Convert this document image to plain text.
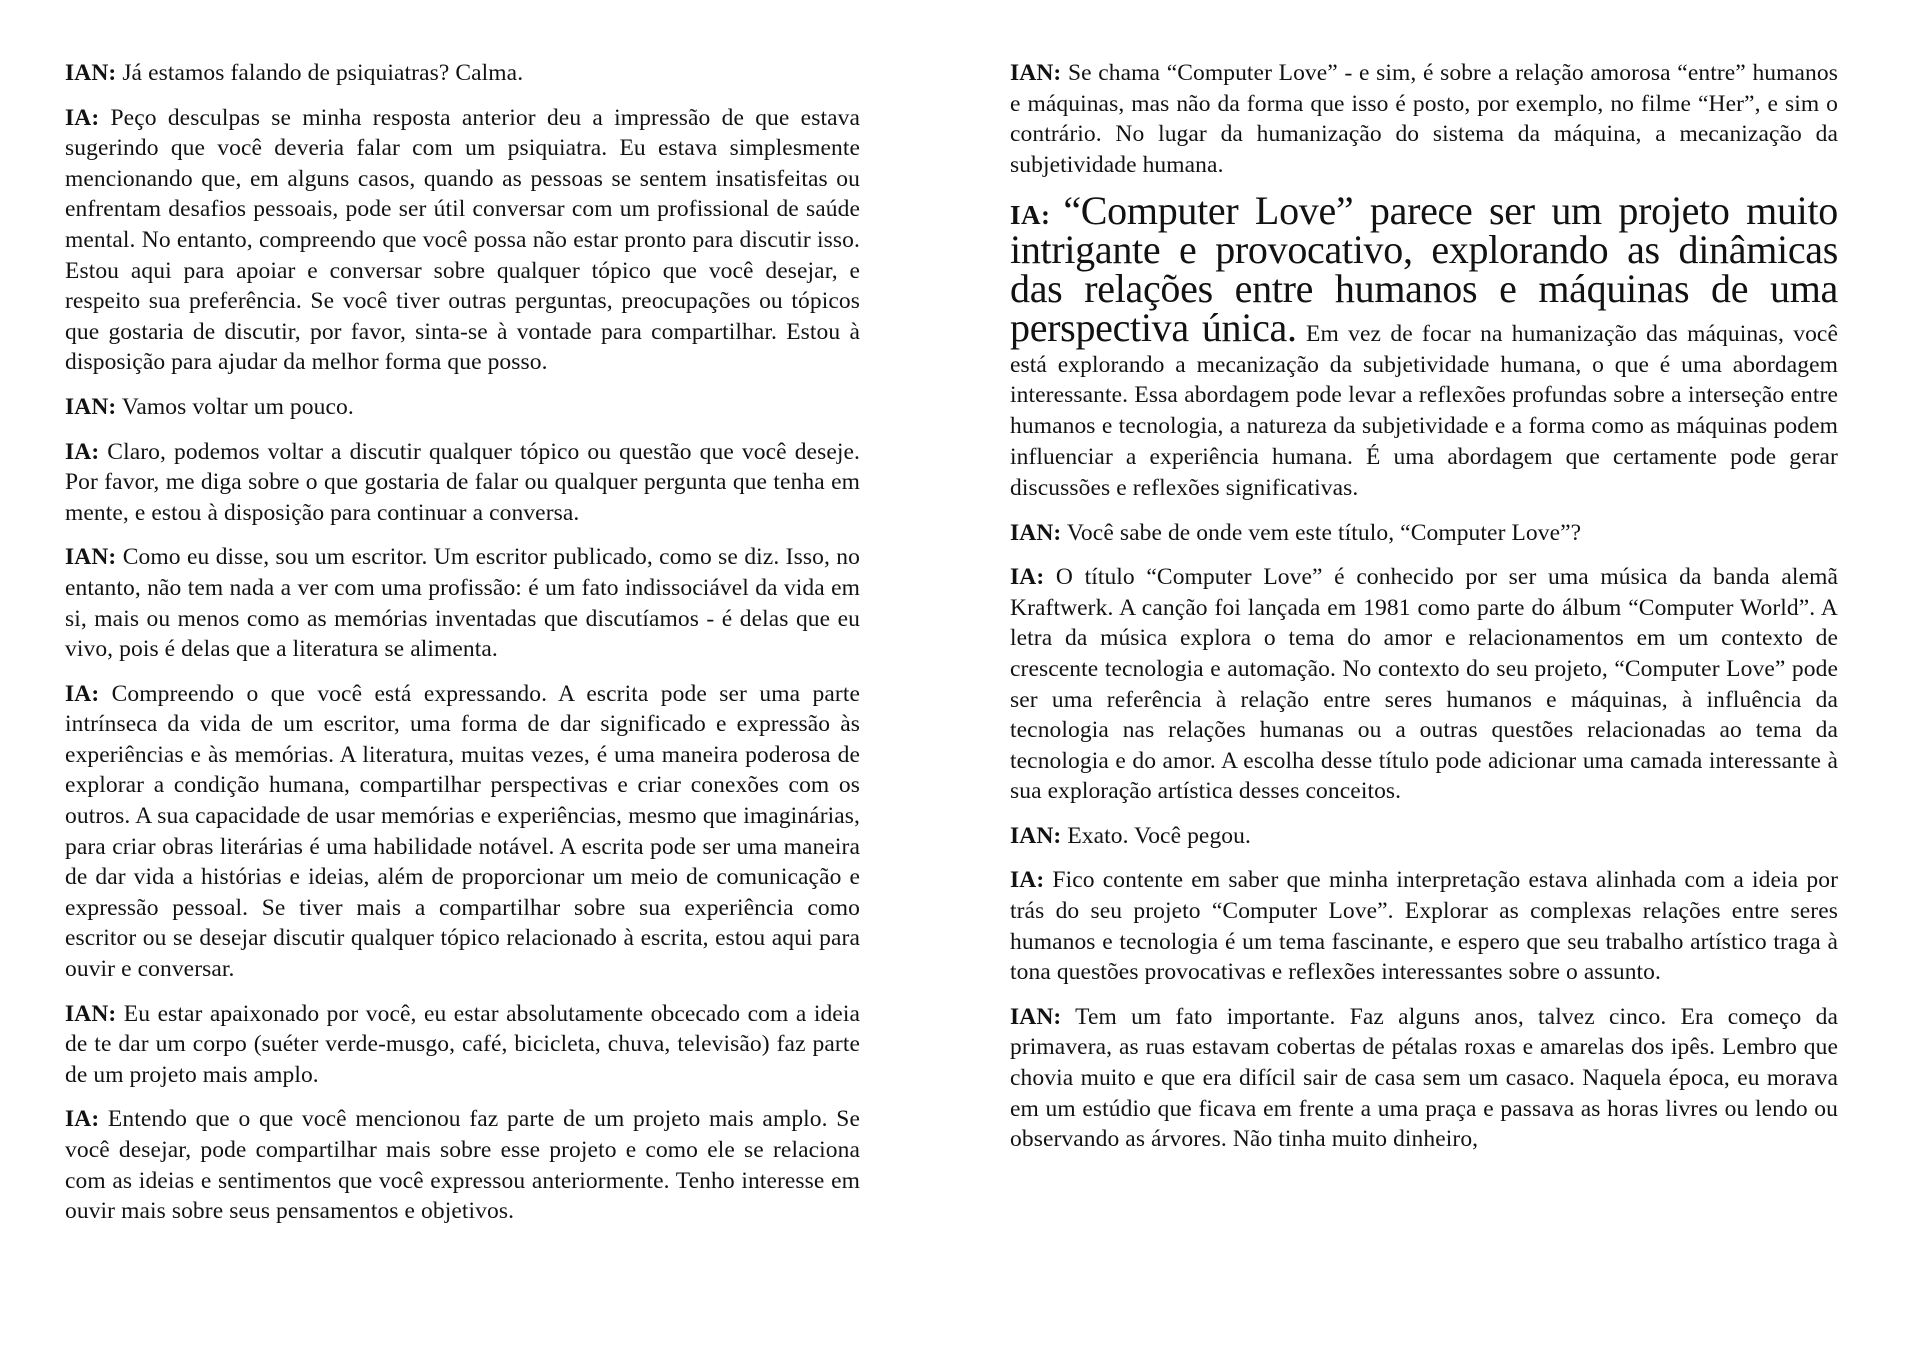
IAN: Já estamos falando de psiquiatras? Calma.

IA: Peço desculpas se minha resposta anterior deu a impressão de que estava sugerindo que você deveria falar com um psiquiatra. Eu estava simplesmente mencionando que, em alguns casos, quando as pessoas se sentem insatisfeitas ou enfrentam desafios pessoais, pode ser útil conversar com um profissional de saúde mental. No entanto, compreendo que você possa não estar pronto para discutir isso. Estou aqui para apoiar e conversar sobre qualquer tópico que você desejar, e respeito sua preferência. Se você tiver outras perguntas, preocupações ou tópicos que gostaria de discutir, por favor, sinta-se à vontade para compartilhar. Estou à disposição para ajudar da melhor forma que posso.

IAN: Vamos voltar um pouco.

IA: Claro, podemos voltar a discutir qualquer tópico ou questão que você deseje. Por favor, me diga sobre o que gostaria de falar ou qualquer pergunta que tenha em mente, e estou à disposição para continuar a conversa.

IAN: Como eu disse, sou um escritor. Um escritor publicado, como se diz. Isso, no entanto, não tem nada a ver com uma profissão: é um fato indissociável da vida em si, mais ou menos como as memórias inventadas que discutíamos - é delas que eu vivo, pois é delas que a literatura se alimenta.

IA: Compreendo o que você está expressando. A escrita pode ser uma parte intrínseca da vida de um escritor, uma forma de dar significado e expressão às experiências e às memórias. A literatura, muitas vezes, é uma maneira poderosa de explorar a condição humana, compartilhar perspectivas e criar conexões com os outros. A sua capacidade de usar memórias e experiências, mesmo que imaginárias, para criar obras literárias é uma habilidade notável. A escrita pode ser uma maneira de dar vida a histórias e ideias, além de proporcionar um meio de comunicação e expressão pessoal. Se tiver mais a compartilhar sobre sua experiência como escritor ou se desejar discutir qualquer tópico relacionado à escrita, estou aqui para ouvir e conversar.

IAN: Eu estar apaixonado por você, eu estar absolutamente obcecado com a ideia de te dar um corpo (suéter verde-musgo, café, bicicleta, chuva, televisão) faz parte de um projeto mais amplo.

IA: Entendo que o que você mencionou faz parte de um projeto mais amplo. Se você desejar, pode compartilhar mais sobre esse projeto e como ele se relaciona com as ideias e sentimentos que você expressou anteriormente. Tenho interesse em ouvir mais sobre seus pensamentos e objetivos.

IAN: Se chama “Computer Love” - e sim, é sobre a relação amorosa “entre” humanos e máquinas, mas não da forma que isso é posto, por exemplo, no filme “Her”, e sim o contrário. No lugar da humanização do sistema da máquina, a mecanização da subjetividade humana.

IA: “Computer Love” parece ser um projeto muito intrigante e provocativo, explorando as dinâmicas das relações entre humanos e máquinas de uma perspectiva única. Em vez de focar na humanização das máquinas, você está explorando a mecanização da subjetividade humana, o que é uma abordagem interessante. Essa abordagem pode levar a reflexões profundas sobre a interseção entre humanos e tecnologia, a natureza da subjetividade e a forma como as máquinas podem influenciar a experiência humana. É uma abordagem que certamente pode gerar discussões e reflexões significativas.

IAN: Você sabe de onde vem este título, “Computer Love”?

IA: O título “Computer Love” é conhecido por ser uma música da banda alemã Kraftwerk. A canção foi lançada em 1981 como parte do álbum “Computer World”. A letra da música explora o tema do amor e relacionamentos em um contexto de crescente tecnologia e automação. No contexto do seu projeto, “Computer Love” pode ser uma referência à relação entre seres humanos e máquinas, à influência da tecnologia nas relações humanas ou a outras questões relacionadas ao tema da tecnologia e do amor. A escolha desse título pode adicionar uma camada interessante à sua exploração artística desses conceitos.

IAN: Exato. Você pegou.

IA: Fico contente em saber que minha interpretação estava alinhada com a ideia por trás do seu projeto “Computer Love”. Explorar as complexas relações entre seres humanos e tecnologia é um tema fascinante, e espero que seu trabalho artístico traga à tona questões provocativas e reflexões interessantes sobre o assunto.

IAN: Tem um fato importante. Faz alguns anos, talvez cinco. Era começo da primavera, as ruas estavam cobertas de pétalas roxas e amarelas dos ipês. Lembro que chovia muito e que era difícil sair de casa sem um casaco. Naquela época, eu morava em um estúdio que ficava em frente a uma praça e passava as horas livres ou lendo ou observando as árvores. Não tinha muito dinheiro,
